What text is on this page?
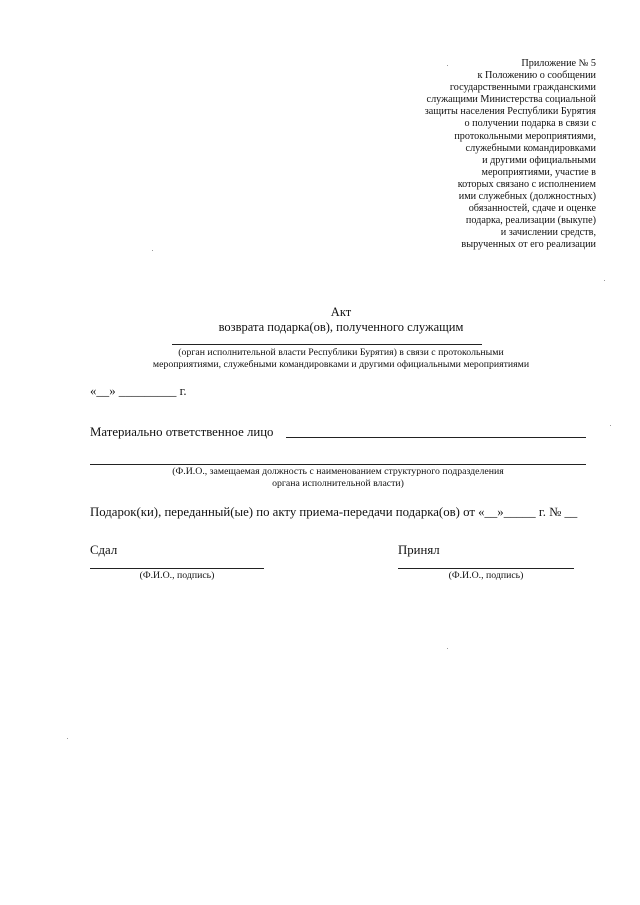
Приложение № 5
к Положению о сообщении
государственными гражданскими
служащими Министерства социальной
защиты населения Республики Бурятия
о получении подарка в связи с
протокольными мероприятиями,
служебными командировками
и другими официальными
мероприятиями, участие в
которых связано с исполнением
ими служебных (должностных)
обязанностей, сдаче и оценке
подарка, реализации (выкупе)
и зачислении средств,
вырученных от его реализации
Акт
возврата подарка(ов), полученного служащим
(орган исполнительной власти Республики Бурятия) в связи с протокольными
мероприятиями, служебными командировками и другими официальными мероприятиями
«__» _________ г.
Материально ответственное лицо
(Ф.И.О., замещаемая должность с наименованием структурного подразделения
органа исполнительной власти)
Подарок(ки), переданный(ые) по акту приема-передачи подарка(ов) от «__»_____ г. № __
Сдал	Принял
(Ф.И.О., подпись)	(Ф.И.О., подпись)
